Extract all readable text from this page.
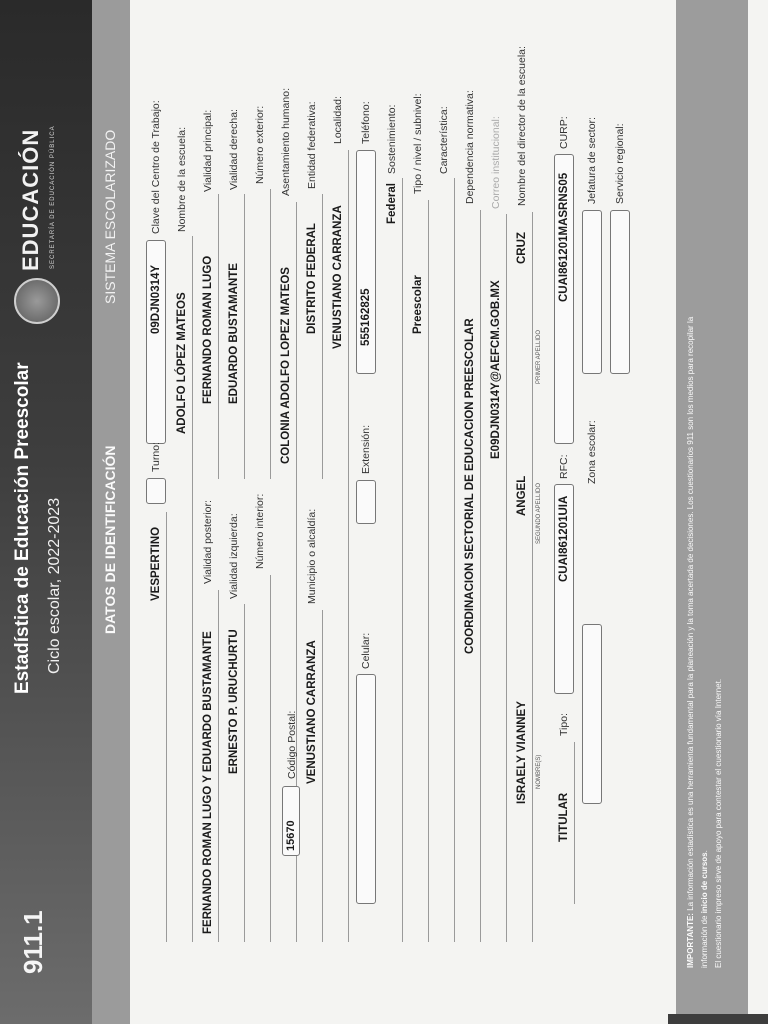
EDUCACIÓN SECRETARÍA DE EDUCACIÓN PÚBLICA
Estadística de Educación Preescolar Ciclo escolar, 2022-2023
911.1
SISTEMA ESCOLARIZADO
DATOS DE IDENTIFICACIÓN
Clave del Centro de Trabajo:
09DJN0314Y
Turno:
VESPERTINO
Nombre de la escuela:
ADOLFO LÓPEZ MATEOS
Vialidad principal:
FERNANDO ROMAN LUGO
Vialidad posterior:
FERNANDO ROMAN LUGO Y EDUARDO BUSTAMANTE
Vialidad derecha:
EDUARDO BUSTAMANTE
Vialidad izquierda:
ERNESTO P. URUCHURTU
Número exterior:
Número interior:
Asentamiento humano:
COLONIA ADOLFO LOPEZ MATEOS
Código Postal:
15670
Entidad federativa:
DISTRITO FEDERAL
Municipio o alcaldía:
VENUSTIANO CARRANZA
Localidad:
VENUSTIANO CARRANZA
Teléfono:
555162825
Extensión:
Celular:
Sostenimiento:
Federal
Tipo / nivel / subnivel:
Preescolar
Característica: Dependencia normativa:
COORDINACION SECTORIAL DE EDUCACION PREESCOLAR
Correo institucional:
E09DJN0314Y@AEFCM.GOB.MX
Nombre del director de la escuela:
CRUZ
ANGEL
ISRAELY VIANNEY
PRIMER APELLIDO
SEGUNDO APELLIDO
NOMBRE(S)
CURP:
CUAI861201MASRNS05
RFC:
CUAI861201UIA
Tipo:
TITULAR
Jefatura de sector:
Zona escolar:
Servicio regional:

IMPORTANTE: La información estadística es una herramienta fundamental para la planeación y la toma acertada de decisiones. Los cuestionarios 911 son los medios para recopilar la

información de inicio de cursos. El cuestionario impreso sirve de apoyo para contestar el cuestionario vía Internet.
